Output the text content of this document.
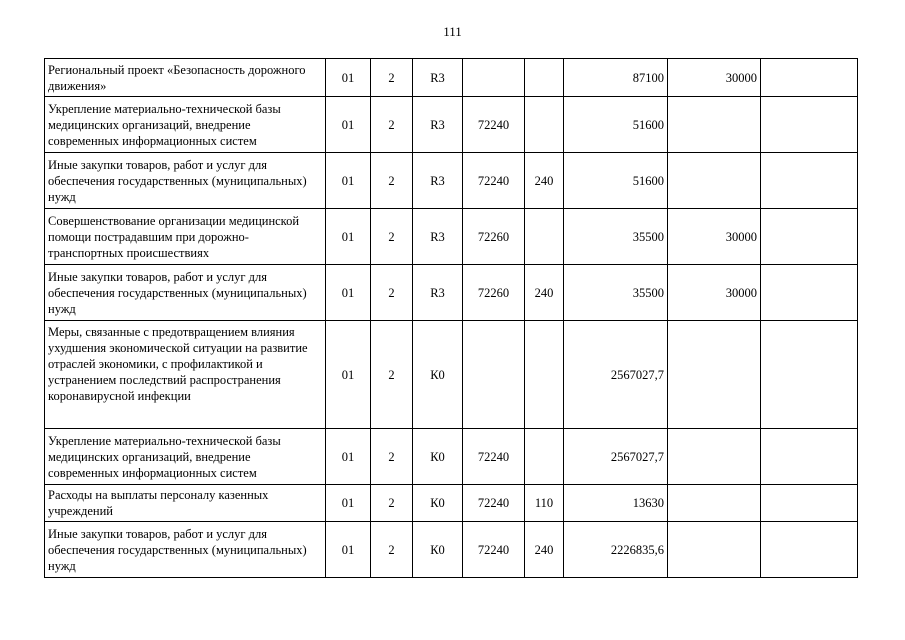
111
Региональный проект «Безопасность дорожного движения»	01	2	R3			87100	30000	
Укрепление материально-технической базы медицинских организаций, внедрение современных информационных систем	01	2	R3	72240		51600		
Иные закупки товаров, работ и услуг для обеспечения государственных (муниципальных) нужд	01	2	R3	72240	240	51600		
Совершенствование организации медицинской помощи пострадавшим при дорожно-транспортных происшествиях	01	2	R3	72260		35500	30000	
Иные закупки товаров, работ и услуг для обеспечения государственных (муниципальных) нужд	01	2	R3	72260	240	35500	30000	
Меры, связанные с предотвращением влияния ухудшения экономической ситуации на развитие отраслей экономики, с профилактикой и устранением последствий распространения коронавирусной инфекции	01	2	К0			2567027,7		
Укрепление материально-технической базы медицинских организаций, внедрение современных информационных систем	01	2	К0	72240		2567027,7		
Расходы на выплаты персоналу казенных учреждений	01	2	К0	72240	110	13630		
Иные закупки товаров, работ и услуг для обеспечения государственных (муниципальных) нужд	01	2	К0	72240	240	2226835,6		
